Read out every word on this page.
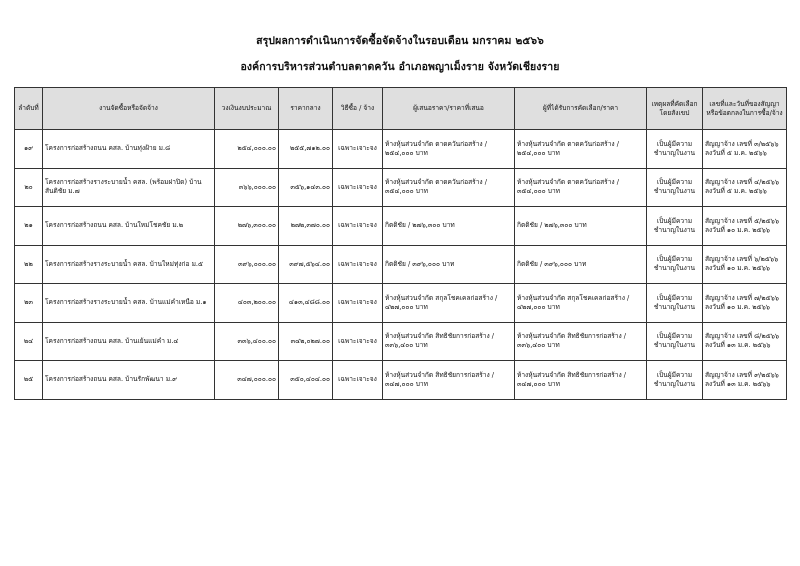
สรุปผลการดำเนินการจัดซื้อจัดจ้างในรอบเดือน มกราคม ๒๕๖๖
องค์การบริหารส่วนตำบลตาดควัน อำเภอพญาเม็งราย จังหวัดเชียงราย
ลำดับที่	งานจัดซื้อหรือจัดจ้าง	วงเงินงบประมาณ	ราคากลาง	วิธีซื้อ / จ้าง	ผู้เสนอราคา/ราคาที่เสนอ	ผู้ที่ได้รับการคัดเลือก/ราคา	เหตุผลที่คัดเลือกโดยสังเขป	เลขที่และวันที่ของสัญญาหรือข้อตกลงในการซื้อ/จ้าง
๑๙	โครงการก่อสร้างถนน คสล. บ้านทุ่งฝ้าย ม.๘	๒๕๔,๐๐๐.๐๐	๒๕๕,๗๑๒.๐๐	เฉพาะเจาะจง	ห้างหุ้นส่วนจำกัด ตาดควันก่อสร้าง / ๒๕๔,๐๐๐ บาท	ห้างหุ้นส่วนจำกัด ตาดควันก่อสร้าง / ๒๕๔,๐๐๐ บาท	เป็นผู้มีความชำนาญในงาน	สัญญาจ้าง เลขที่ ๓/๒๕๖๖ ลงวันที่ ๕ ม.ค. ๒๕๖๖
๒๐	โครงการก่อสร้างรางระบายน้ำ คสล. (พร้อมฝาปิด) บ้านสันติชัย ม.๗	๓๖๖,๐๐๐.๐๐	๓๕๖,๑๔๓.๐๐	เฉพาะเจาะจง	ห้างหุ้นส่วนจำกัด ตาดควันก่อสร้าง / ๓๕๔,๐๐๐ บาท	ห้างหุ้นส่วนจำกัด ตาดควันก่อสร้าง / ๓๕๔,๐๐๐ บาท	เป็นผู้มีความชำนาญในงาน	สัญญาจ้าง เลขที่ ๔/๒๕๖๖ ลงวันที่ ๕ ม.ค. ๒๕๖๖
๒๑	โครงการก่อสร้างถนน คสล. บ้านใหม่โชคชัย ม.๒	๒๗๖,๓๐๐.๐๐	๒๗๒,๓๗๐.๐๐	เฉพาะเจาะจง	กิตติชัย / ๒๗๖,๓๐๐ บาท	กิตติชัย / ๒๗๖,๓๐๐ บาท	เป็นผู้มีความชำนาญในงาน	สัญญาจ้าง เลขที่ ๕/๒๕๖๖ ลงวันที่ ๑๐ ม.ค. ๒๕๖๖
๒๒	โครงการก่อสร้างรางระบายน้ำ คสล. บ้านใหม่ทุ่งก่อ ม.๕	๓๙๖,๐๐๐.๐๐	๓๙๗,๕๖๔.๐๐	เฉพาะเจาะจง	กิตติชัย / ๓๙๖,๐๐๐ บาท	กิตติชัย / ๓๙๖,๐๐๐ บาท	เป็นผู้มีความชำนาญในงาน	สัญญาจ้าง เลขที่ ๖/๒๕๖๖ ลงวันที่ ๑๐ ม.ค. ๒๕๖๖
๒๓	โครงการก่อสร้างรางระบายน้ำ คสล. บ้านแม่คำเหนือ ม.๑	๔๐๓,๒๐๐.๐๐	๔๑๓,๔๘๘.๐๐	เฉพาะเจาะจง	ห้างหุ้นส่วนจำกัด สกุลโชคเคลก่อสร้าง / ๔๒๗,๐๐๐ บาท	ห้างหุ้นส่วนจำกัด สกุลโชคเคลก่อสร้าง / ๔๒๗,๐๐๐ บาท	เป็นผู้มีความชำนาญในงาน	สัญญาจ้าง เลขที่ ๗/๒๕๖๖ ลงวันที่ ๑๐ ม.ค. ๒๕๖๖
๒๔	โครงการก่อสร้างถนน คสล. บ้านเย้นแม่คำ ม.๔	๓๓๖,๔๐๐.๐๐	๓๔๒,๐๒๗.๐๐	เฉพาะเจาะจง	ห้างหุ้นส่วนจำกัด สิทธิชัยการก่อสร้าง / ๓๓๖,๔๐๐ บาท	ห้างหุ้นส่วนจำกัด สิทธิชัยการก่อสร้าง / ๓๓๖,๔๐๐ บาท	เป็นผู้มีความชำนาญในงาน	สัญญาจ้าง เลขที่ ๘/๒๕๖๖ ลงวันที่ ๑๓ ม.ค. ๒๕๖๖
๒๕	โครงการก่อสร้างถนน คสล. บ้านรักพัฒนา ม.๙	๓๔๗,๐๐๐.๐๐	๓๕๐,๔๐๔.๐๐	เฉพาะเจาะจง	ห้างหุ้นส่วนจำกัด สิทธิชัยการก่อสร้าง / ๓๔๗,๐๐๐ บาท	ห้างหุ้นส่วนจำกัด สิทธิชัยการก่อสร้าง / ๓๔๗,๐๐๐ บาท	เป็นผู้มีความชำนาญในงาน	สัญญาจ้าง เลขที่ ๙/๒๕๖๖ ลงวันที่ ๑๓ ม.ค. ๒๕๖๖
